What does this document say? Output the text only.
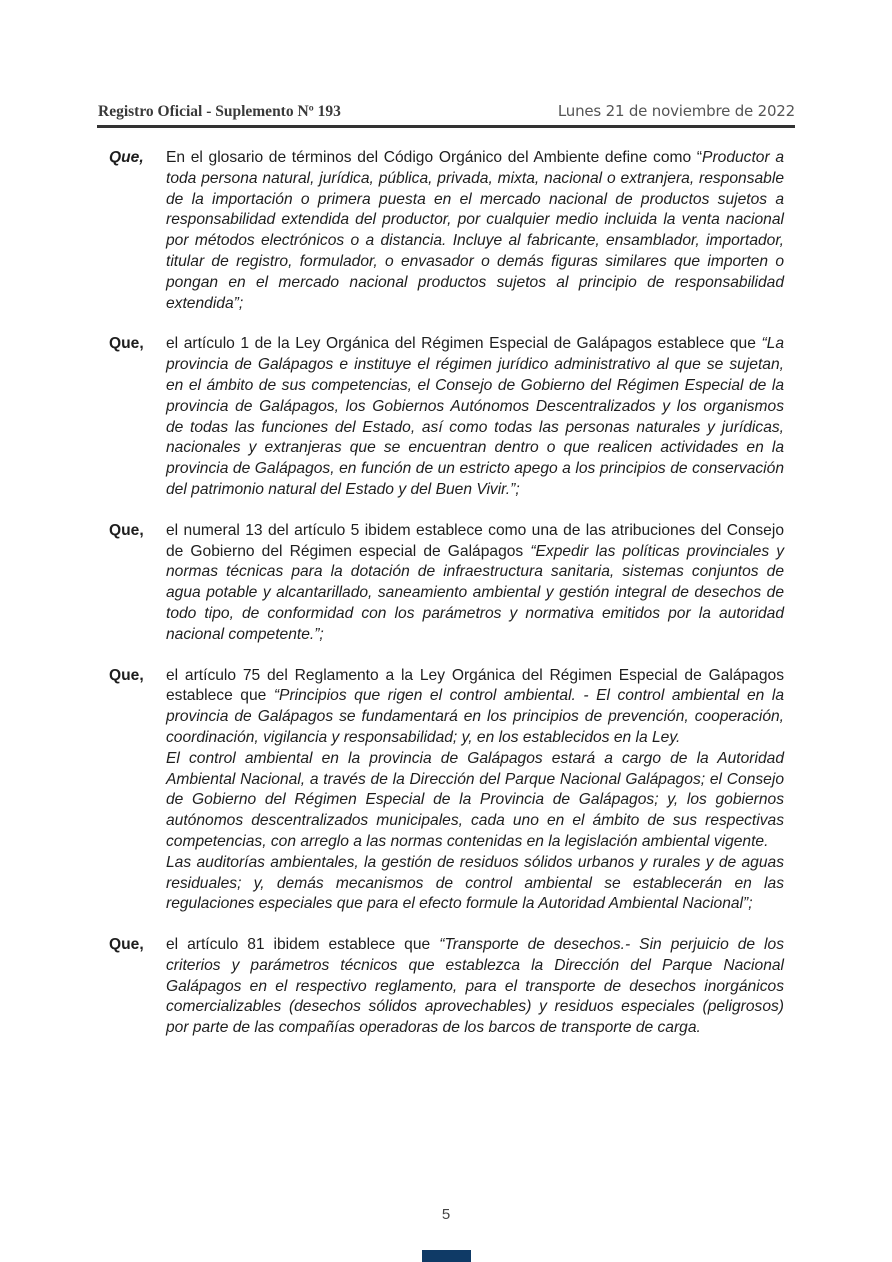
Registro Oficial - Suplemento Nº 193	Lunes 21 de noviembre de 2022
Que,	En el glosario de términos del Código Orgánico del Ambiente define como “Productor a toda persona natural, jurídica, pública, privada, mixta, nacional o extranjera, responsable de la importación o primera puesta en el mercado nacional de productos sujetos a responsabilidad extendida del productor, por cualquier medio incluida la venta nacional por métodos electrónicos o a distancia. Incluye al fabricante, ensamblador, importador, titular de registro, formulador, o envasador o demás figuras similares que importen o pongan en el mercado nacional productos sujetos al principio de responsabilidad extendida”;

Que,	el artículo 1 de la Ley Orgánica del Régimen Especial de Galápagos establece que “La provincia de Galápagos e instituye el régimen jurídico administrativo al que se sujetan, en el ámbito de sus competencias, el Consejo de Gobierno del Régimen Especial de la provincia de Galápagos, los Gobiernos Autónomos Descentralizados y los organismos de todas las funciones del Estado, así como todas las personas naturales y jurídicas, nacionales y extranjeras que se encuentran dentro o que realicen actividades en la provincia de Galápagos, en función de un estricto apego a los principios de conservación del patrimonio natural del Estado y del Buen Vivir.”;

Que,	el numeral 13 del artículo 5 ibidem establece como una de las atribuciones del Consejo de Gobierno del Régimen especial de Galápagos “Expedir las políticas provinciales y normas técnicas para la dotación de infraestructura sanitaria, sistemas conjuntos de agua potable y alcantarillado, saneamiento ambiental y gestión integral de desechos de todo tipo, de conformidad con los parámetros y normativa emitidos por la autoridad nacional competente.”;

Que,	el artículo 75 del Reglamento a la Ley Orgánica del Régimen Especial de Galápagos establece que “Principios que rigen el control ambiental. - El control ambiental en la provincia de Galápagos se fundamentará en los principios de prevención, cooperación, coordinación, vigilancia y responsabilidad; y, en los establecidos en la Ley.

El control ambiental en la provincia de Galápagos estará a cargo de la Autoridad Ambiental Nacional, a través de la Dirección del Parque Nacional Galápagos; el Consejo de Gobierno del Régimen Especial de la Provincia de Galápagos; y, los gobiernos autónomos descentralizados municipales, cada uno en el ámbito de sus respectivas competencias, con arreglo a las normas contenidas en la legislación ambiental vigente.

Las auditorías ambientales, la gestión de residuos sólidos urbanos y rurales y de aguas residuales; y, demás mecanismos de control ambiental se establecerán en las regulaciones especiales que para el efecto formule la Autoridad Ambiental Nacional”;

Que,	el artículo 81 ibidem establece que “Transporte de desechos.- Sin perjuicio de los criterios y parámetros técnicos que establezca la Dirección del Parque Nacional Galápagos en el respectivo reglamento, para el transporte de desechos inorgánicos comercializables (desechos sólidos aprovechables) y residuos especiales (peligrosos) por parte de las compañías operadoras de los barcos de transporte de carga.

5
